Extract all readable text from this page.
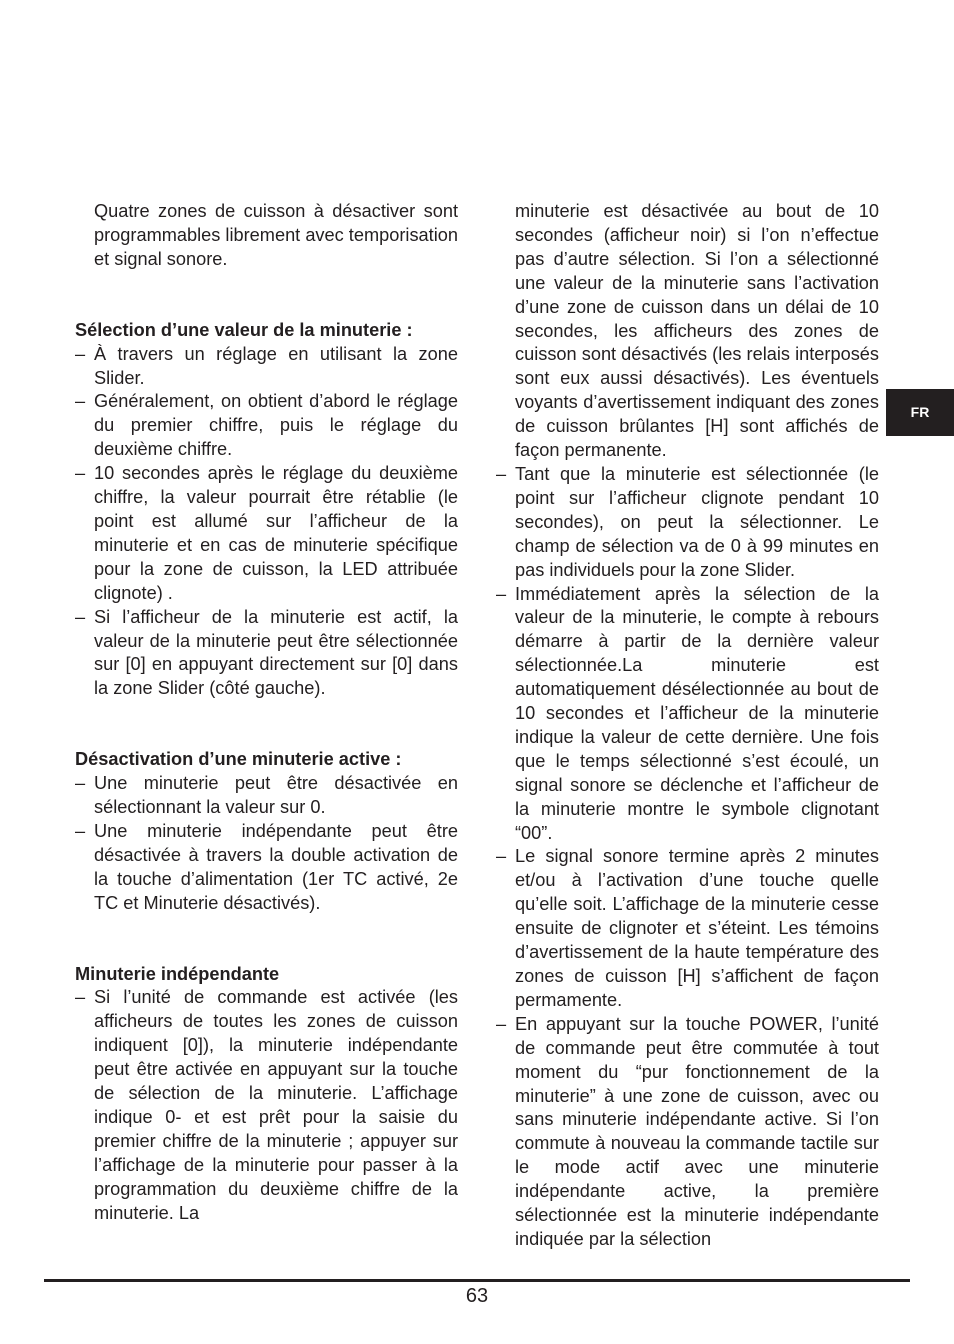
Quatre zones de cuisson à désactiver sont programmables librement avec temporisation et signal sonore.

Sélection d’une valeur de la minuterie :

– À travers un réglage en utilisant la zone Slider.
– Généralement, on obtient d’abord le réglage du premier chiffre, puis le réglage du deuxième chiffre.
– 10 secondes après le réglage du deuxième chiffre, la valeur pourrait être rétablie (le point est allumé sur l’afficheur de la minuterie et en cas de minuterie spécifique pour la zone de cuisson, la LED attribuée clignote) .
– Si l’afficheur de la minuterie est actif, la valeur de la minuterie peut être sélectionnée sur [0] en appuyant directement sur [0] dans la zone Slider (côté gauche).

Désactivation d’une minuterie active :

– Une minuterie peut être désactivée en sélectionnant la valeur sur 0.
– Une minuterie indépendante peut être désactivée à travers la double activation de la touche d’alimentation (1er TC activé, 2e TC et Minuterie désactivés).

Minuterie indépendante

– Si l’unité de commande est activée (les afficheurs de toutes les zones de cuisson indiquent [0]), la minuterie indépendante peut être activée en appuyant sur la touche de sélection de la minuterie. L’affichage indique 0- et est prêt pour la saisie du premier chiffre de la minuterie ; appuyer sur l’affichage de la minuterie pour passer à la programmation du deuxième chiffre de la minuterie. La

minuterie est désactivée au bout de 10 secondes (afficheur noir) si l’on n’effectue pas d’autre sélection. Si l’on a sélectionné une valeur de la minuterie sans l’activation d’une zone de cuisson dans un délai de 10 secondes, les afficheurs des zones de cuisson sont désactivés (les relais interposés sont eux aussi désactivés). Les éventuels voyants d’avertissement indiquant des zones de cuisson brûlantes [H] sont affichés de façon permanente.

– Tant que la minuterie est sélectionnée (le point sur l’afficheur clignote pendant 10 secondes), on peut la sélectionner. Le champ de sélection va de 0 à 99 minutes en pas individuels pour la zone Slider.
– Immédiatement après la sélection de la valeur de la minuterie, le compte à rebours démarre à partir de la dernière valeur sélectionnée.La minuterie est automatiquement désélectionnée au bout de 10 secondes et l’afficheur de la minuterie indique la valeur de cette dernière. Une fois que le temps sélectionné s’est écoulé, un signal sonore se déclenche et l’afficheur de la minuterie montre le symbole clignotant “00”.
– Le signal sonore termine après 2 minutes et/ou à l’activation d’une touche quelle qu’elle soit. L’affichage de la minuterie cesse ensuite de clignoter et s’éteint. Les témoins d’avertissement de la haute température des zones de cuisson [H] s’affichent de façon permamente.
– En appuyant sur la touche POWER, l’unité de commande peut être commutée à tout moment du “pur fonctionnement de la minuterie” à une zone de cuisson, avec ou sans minuterie indépendante active. Si l’on commute à nouveau la commande tactile sur le mode actif avec une minuterie indépendante active, la première sélectionnée est la minuterie indépendante indiquée par la sélection
FR
63
